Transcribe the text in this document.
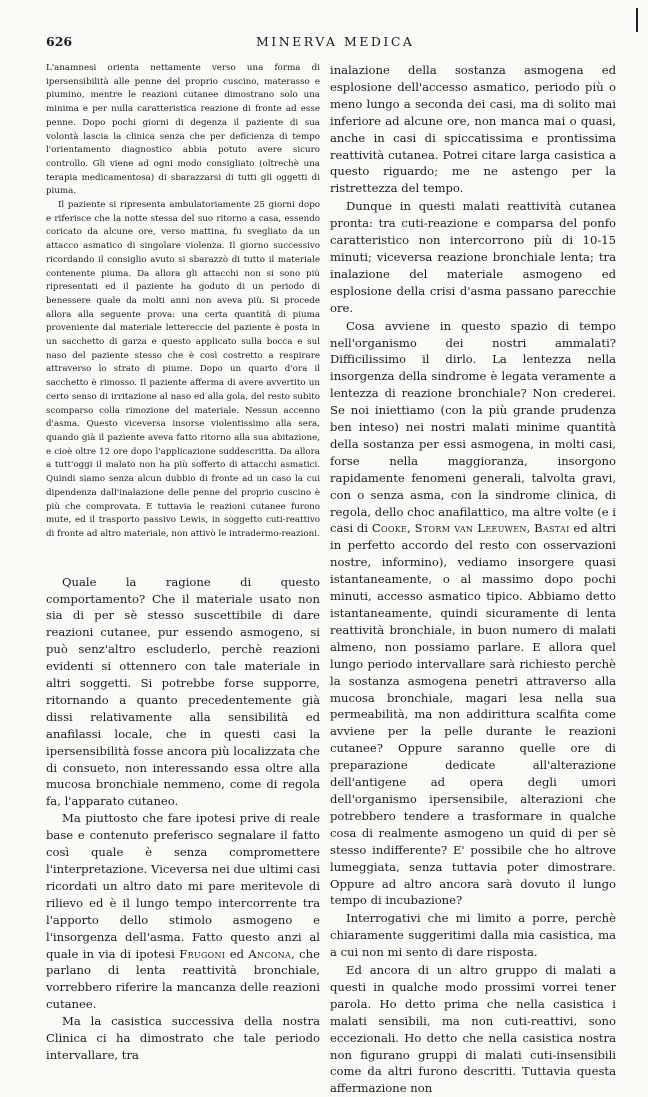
626	MINERVA MEDICA

L'anamnesi orienta nettamente verso una forma di ipersensibilità alle penne del proprio cuscino, materasso e piumino, mentre le reazioni cutanee dimostrano solo una minima e per nulla caratteristica reazione di fronte ad esse penne. Dopo pochi giorni di degenza il paziente di sua volontà lascia la clinica senza che per deficienza di tempo l'orientamento diagnostico abbia potuto avere sicuro controllo. Gli viene ad ogni modo consigliato (oltrechè una terapia medicamentosa) di sbarazzarsi di tutti gli oggetti di piuma.

Il paziente si ripresenta ambulatoriamente 25 giorni dopo e riferisce che la notte stessa del suo ritorno a casa, essendo coricato da alcune ore, verso mattina, fu svegliato da un attacco asmatico di singolare violenza. Il giorno successivo ricordando il consiglio avuto si sbarazzò di tutto il materiale contenente piuma. Da allora gli attacchi non si sono più ripresentati ed il paziente ha goduto di un periodo di benessere quale da molti anni non aveva più. Si procede allora alla seguente prova: una certa quantità di piuma proveniente dal materiale lettereccie del paziente è posta in un sacchetto di garza e questo applicato sulla bocca e sul naso del paziente stesso che è così costretto a respirare attraverso lo strato di piume. Dopo un quarto d'ora il sacchetto è rimosso. Il paziente afferma di avere avvertito un certo senso di irritazione al naso ed alla gola, del resto subito scomparso colla rimozione del materiale. Nessun accenno d'asma. Questo viceversa insorse violentissimo alla sera, quando già il paziente aveva fatto ritorno alla sua abitazione, e cioè oltre 12 ore dopo l'applicazione suddescritta. Da allora a tutt'oggi il malato non ha più sofferto di attacchi asmatici. Quindi siamo senza alcun dubbio di fronte ad un caso la cui dipendenza dall'inalazione delle penne del proprio cuscino è più che comprovata. E tuttavia le reazioni cutanee furono mute, ed il trasporto passivo Lewis, in soggetto cuti-reattivo di fronte ad altro materiale, non attivò le intradermo-reazioni.

Quale la ragione di questo comportamento? Che il materiale usato non sia di per sè stesso suscettibile di dare reazioni cutanee, pur essendo asmogeno, si può senz'altro escluderlo, perchè reazioni evidenti si ottennero con tale materiale in altri soggetti. Si potrebbe forse supporre, ritornando a quanto precedentemente già dissi relativamente alla sensibilità ed anafilassi locale, che in questi casi la ipersensibilità fosse ancora più localizzata che di consueto, non interessando essa oltre alla mucosa bronchiale nemmeno, come di regola fa, l'apparato cutaneo.

Ma piuttosto che fare ipotesi prive di reale base e contenuto preferisco segnalare il fatto così quale è senza compromettere l'interpretazione. Viceversa nei due ultimi casi ricordati un altro dato mi pare meritevole di rilievo ed è il lungo tempo intercorrente tra l'apporto dello stimolo asmogeno e l'insorgenza dell'asma. Fatto questo anzi al quale in via di ipotesi Frugoni ed Ancona, che parlano di lenta reattività bronchiale, vorrebbero riferire la mancanza delle reazioni cutanee.

Ma la casistica successiva della nostra Clinica ci ha dimostrato che tale periodo intervallare, tra

inalazione della sostanza asmogena ed esplosione dell'accesso asmatico, periodo più o meno lungo a seconda dei casi, ma di solito mai inferiore ad alcune ore, non manca mai o quasi, anche in casi di spiccatissima e prontissima reattività cutanea. Potrei citare larga casistica a questo riguardo; me ne astengo per la ristrettezza del tempo.

Dunque in questi malati reattività cutanea pronta: tra cuti-reazione e comparsa del ponfo caratteristico non intercorrono più di 10-15 minuti; viceversa reazione bronchiale lenta; tra inalazione del materiale asmogeno ed esplosione della crisi d'asma passano parecchie ore.

Cosa avviene in questo spazio di tempo nell'organismo dei nostri ammalati? Difficilissimo il dirlo. La lentezza nella insorgenza della sindrome è legata veramente a lentezza di reazione bronchiale? Non crederei. Se noi iniettiamo (con la più grande prudenza ben inteso) nei nostri malati minime quantità della sostanza per essi asmogena, in molti casi, forse nella maggioranza, insorgono rapidamente fenomeni generali, talvolta gravi, con o senza asma, con la sindrome clinica, di regola, dello choc anafilattico, ma altre volte (e i casi di Cooke, Storm van Leeuwen, Bastai ed altri in perfetto accordo del resto con osservazioni nostre, informino), vediamo insorgere quasi istantaneamente, o al massimo dopo pochi minuti, accesso asmatico tipico. Abbiamo detto istantaneamente, quindi sicuramente di lenta reattività bronchiale, in buon numero di malati almeno, non possiamo parlare. E allora quel lungo periodo intervallare sarà richiesto perchè la sostanza asmogena penetri attraverso alla mucosa bronchiale, magari lesa nella sua permeabilità, ma non addirittura scalfita come avviene per la pelle durante le reazioni cutanee? Oppure saranno quelle ore di preparazione dedicate all'alterazione dell'antigene ad opera degli umori dell'organismo ipersensibile, alterazioni che potrebbero tendere a trasformare in qualche cosa di realmente asmogeno un quid di per sè stesso indifferente? E' possibile che ho altrove lumeggiata, senza tuttavia poter dimostrare. Oppure ad altro ancora sarà dovuto il lungo tempo di incubazione?

Interrogativi che mi limito a porre, perchè chiaramente suggeritimi dalla mia casistica, ma a cui non mi sento di dare risposta.

Ed ancora di un altro gruppo di malati a questi in qualche modo prossimi vorrei tener parola. Ho detto prima che nella casistica i malati sensibili, ma non cuti-reattivi, sono eccezionali. Ho detto che nella casistica nostra non figurano gruppi di malati cuti-insensibili come da altri furono descritti. Tuttavia questa affermazione non
